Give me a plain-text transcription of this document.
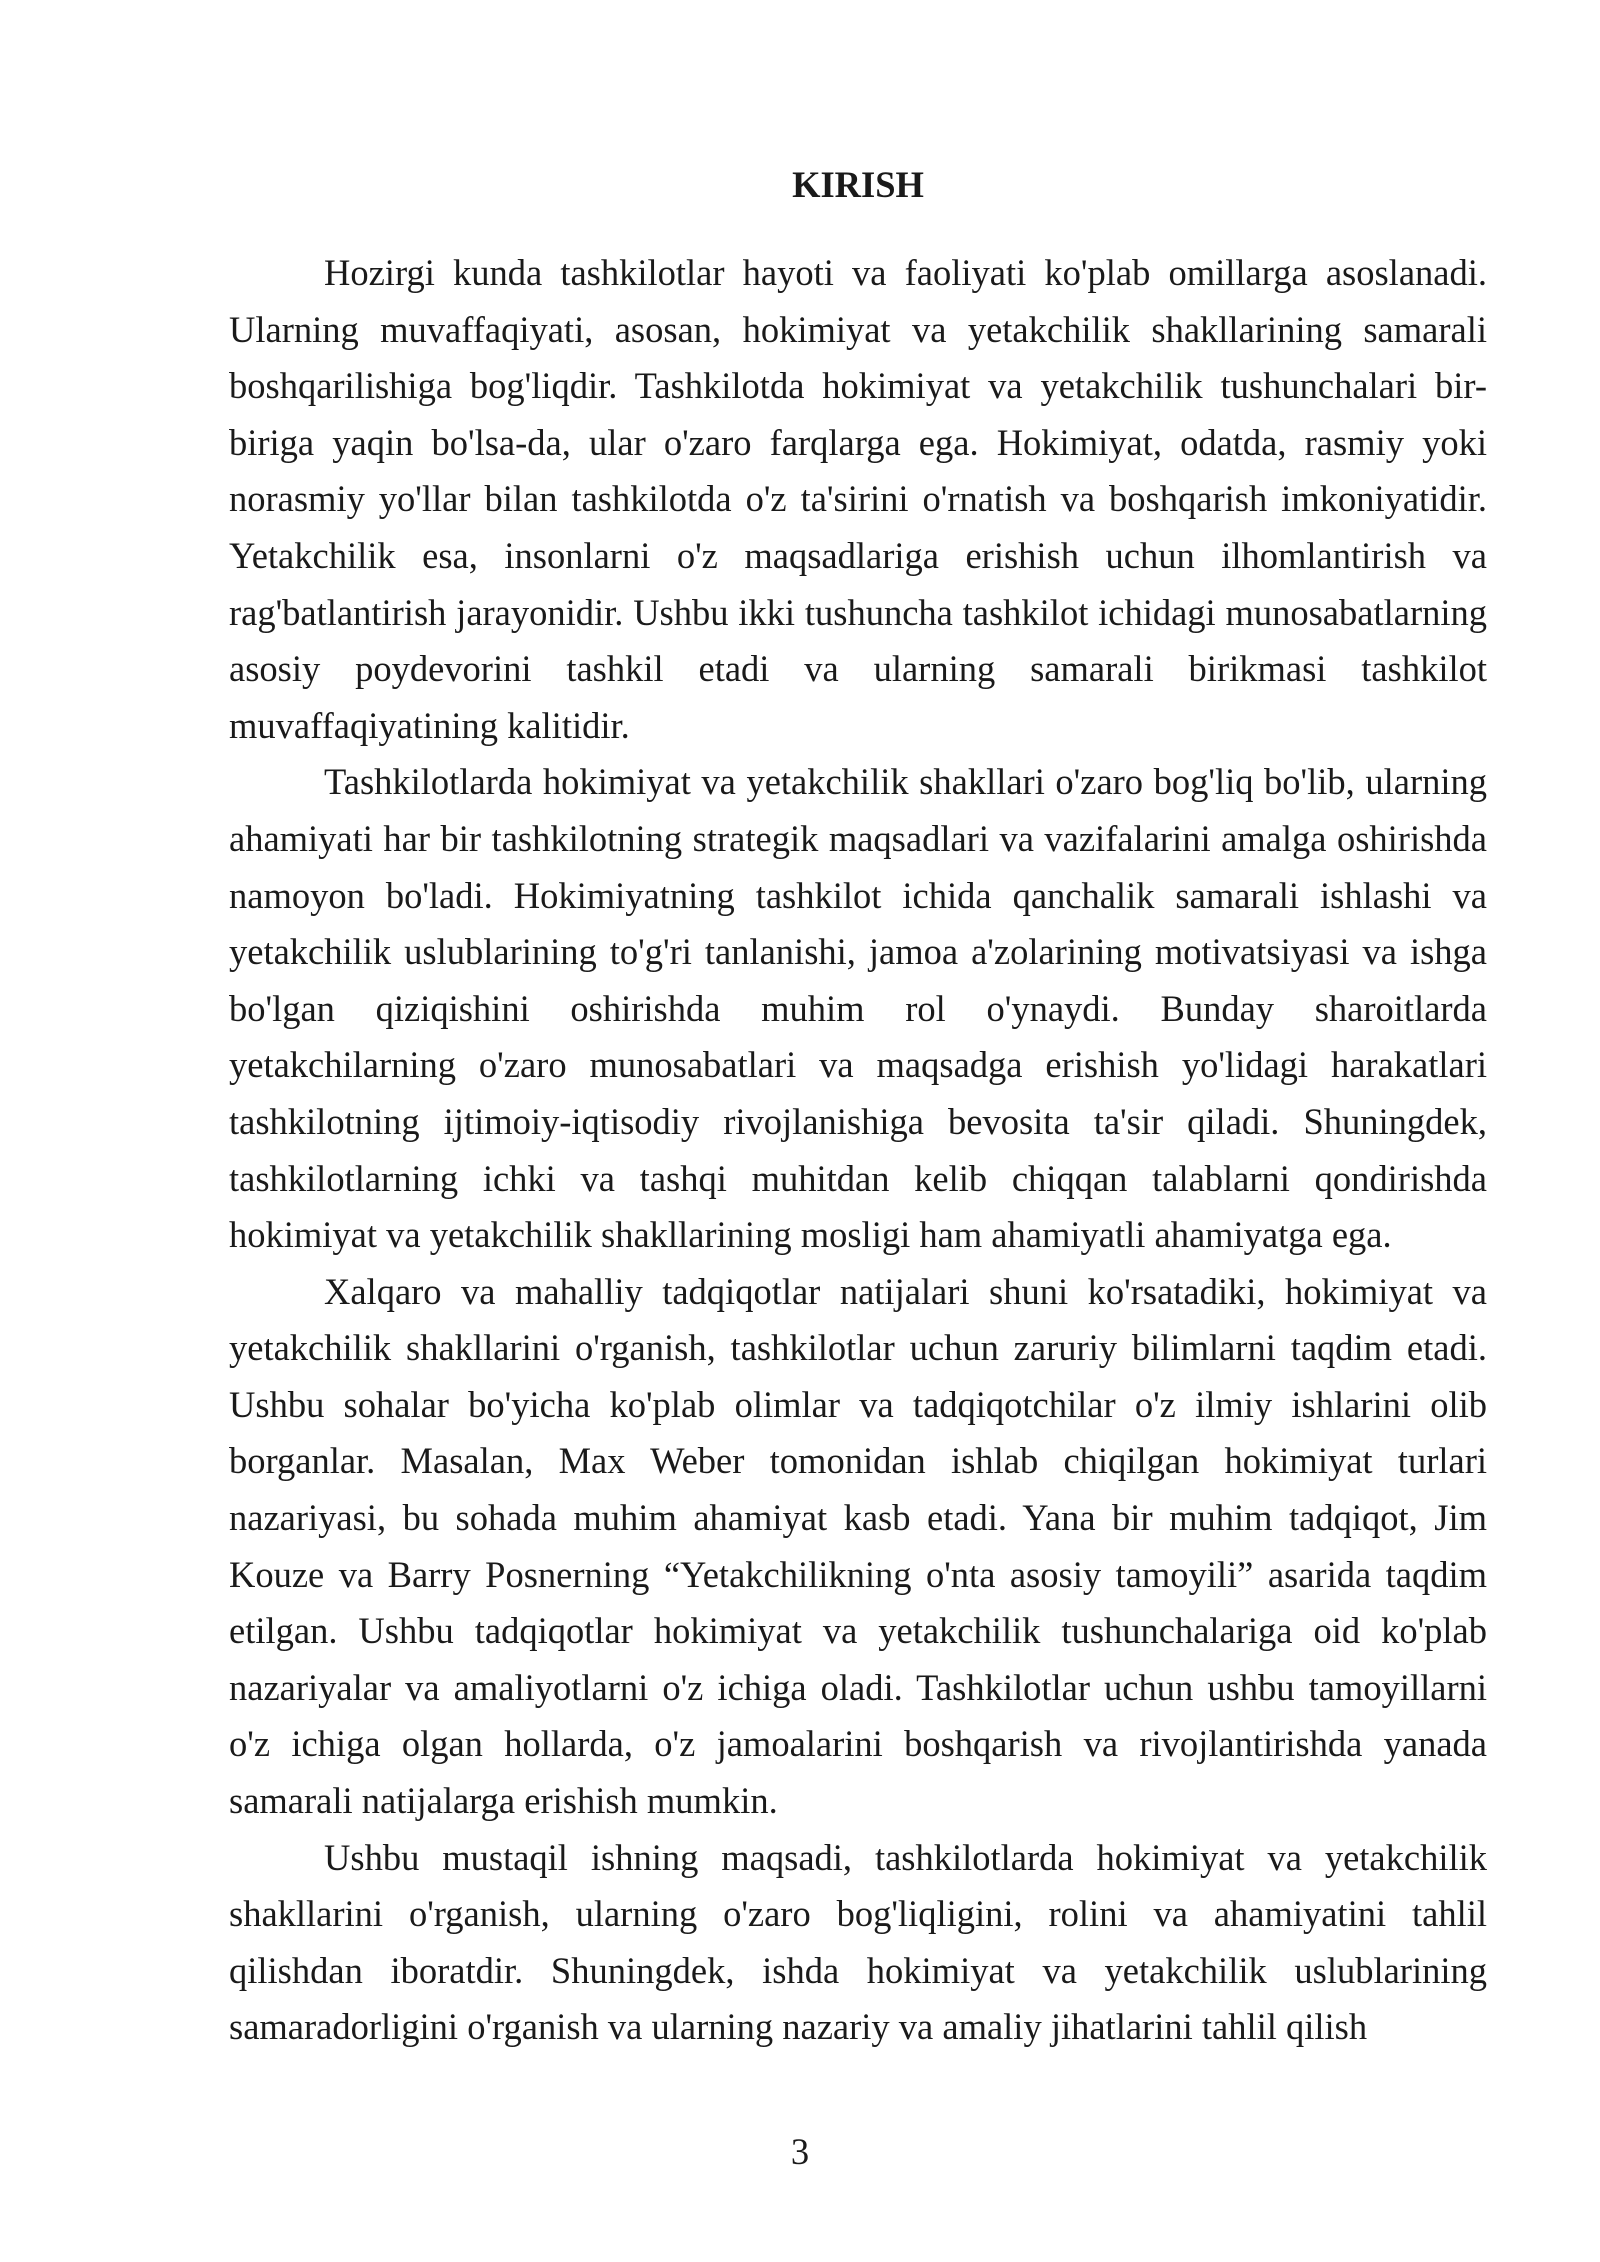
KIRISH

Hozirgi kunda tashkilotlar hayoti va faoliyati ko'plab omillarga asoslanadi. Ularning muvaffaqiyati, asosan, hokimiyat va yetakchilik shakllarining samarali boshqarilishiga bog'liqdir. Tashkilotda hokimiyat va yetakchilik tushunchalari bir-biriga yaqin bo'lsa-da, ular o'zaro farqlarga ega. Hokimiyat, odatda, rasmiy yoki norasmiy yo'llar bilan tashkilotda o'z ta'sirini o'rnatish va boshqarish imkoniyatidir. Yetakchilik esa, insonlarni o'z maqsadlariga erishish uchun ilhomlantirish va rag'batlantirish jarayonidir. Ushbu ikki tushuncha tashkilot ichidagi munosabatlarning asosiy poydevorini tashkil etadi va ularning samarali birikmasi tashkilot muvaffaqiyatining kalitidir.

Tashkilotlarda hokimiyat va yetakchilik shakllari o'zaro bog'liq bo'lib, ularning ahamiyati har bir tashkilotning strategik maqsadlari va vazifalarini amalga oshirishda namoyon bo'ladi. Hokimiyatning tashkilot ichida qanchalik samarali ishlashi va yetakchilik uslublarining to'g'ri tanlanishi, jamoa a'zolarining motivatsiyasi va ishga bo'lgan qiziqishini oshirishda muhim rol o'ynaydi. Bunday sharoitlarda yetakchilarning o'zaro munosabatlari va maqsadga erishish yo'lidagi harakatlari tashkilotning ijtimoiy-iqtisodiy rivojlanishiga bevosita ta'sir qiladi. Shuningdek, tashkilotlarning ichki va tashqi muhitdan kelib chiqqan talablarni qondirishda hokimiyat va yetakchilik shakllarining mosligi ham ahamiyatli ahamiyatga ega.

Xalqaro va mahalliy tadqiqotlar natijalari shuni ko'rsatadiki, hokimiyat va yetakchilik shakllarini o'rganish, tashkilotlar uchun zaruriy bilimlarni taqdim etadi. Ushbu sohalar bo'yicha ko'plab olimlar va tadqiqotchilar o'z ilmiy ishlarini olib borganlar. Masalan, Max Weber tomonidan ishlab chiqilgan hokimiyat turlari nazariyasi, bu sohada muhim ahamiyat kasb etadi. Yana bir muhim tadqiqot, Jim Kouze va Barry Posnerning “Yetakchilikning o'nta asosiy tamoyili” asarida taqdim etilgan. Ushbu tadqiqotlar hokimiyat va yetakchilik tushunchalariga oid ko'plab nazariyalar va amaliyotlarni o'z ichiga oladi. Tashkilotlar uchun ushbu tamoyillarni o'z ichiga olgan hollarda, o'z jamoalarini boshqarish va rivojlantirishda yanada samarali natijalarga erishish mumkin.

Ushbu mustaqil ishning maqsadi, tashkilotlarda hokimiyat va yetakchilik shakllarini o'rganish, ularning o'zaro bog'liqligini, rolini va ahamiyatini tahlil qilishdan iboratdir. Shuningdek, ishda hokimiyat va yetakchilik uslublarining samaradorligini o'rganish va ularning nazariy va amaliy jihatlarini tahlil qilish

3
